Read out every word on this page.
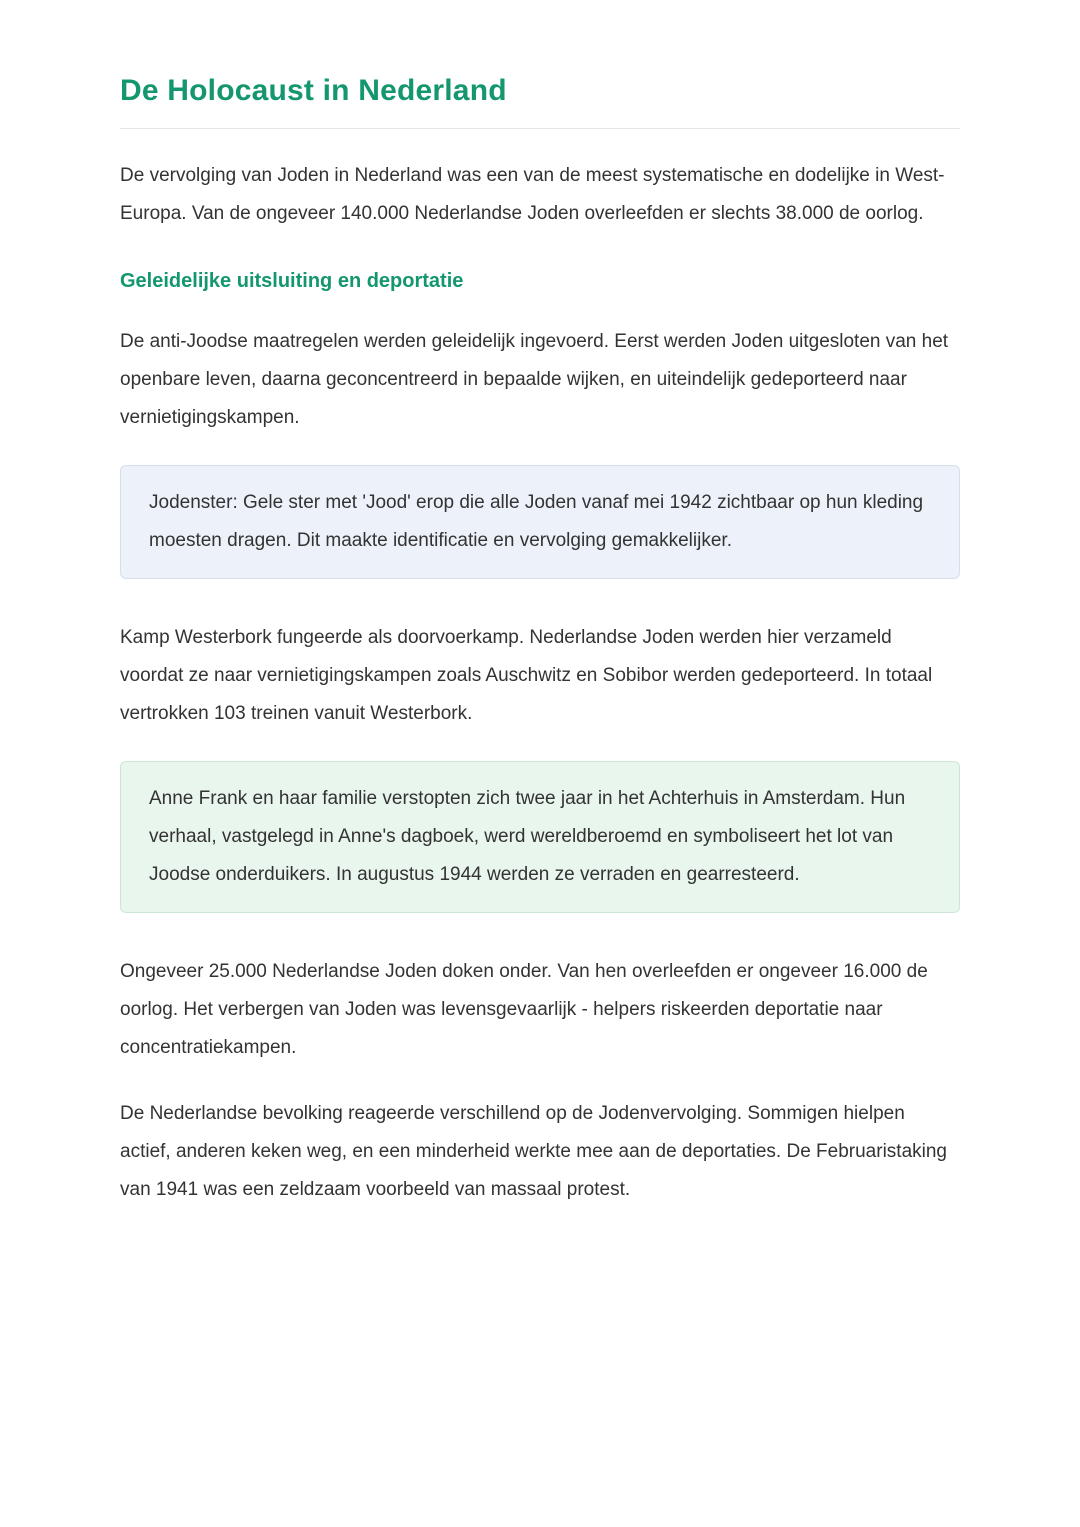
De Holocaust in Nederland

De vervolging van Joden in Nederland was een van de meest systematische en dodelijke in West-Europa. Van de ongeveer 140.000 Nederlandse Joden overleefden er slechts 38.000 de oorlog.

Geleidelijke uitsluiting en deportatie

De anti-Joodse maatregelen werden geleidelijk ingevoerd. Eerst werden Joden uitgesloten van het openbare leven, daarna geconcentreerd in bepaalde wijken, en uiteindelijk gedeporteerd naar vernietigingskampen.

Jodenster: Gele ster met 'Jood' erop die alle Joden vanaf mei 1942 zichtbaar op hun kleding moesten dragen. Dit maakte identificatie en vervolging gemakkelijker.

Kamp Westerbork fungeerde als doorvoerkamp. Nederlandse Joden werden hier verzameld voordat ze naar vernietigingskampen zoals Auschwitz en Sobibor werden gedeporteerd. In totaal vertrokken 103 treinen vanuit Westerbork.

Anne Frank en haar familie verstopten zich twee jaar in het Achterhuis in Amsterdam. Hun verhaal, vastgelegd in Anne's dagboek, werd wereldberoemd en symboliseert het lot van Joodse onderduikers. In augustus 1944 werden ze verraden en gearresteerd.

Ongeveer 25.000 Nederlandse Joden doken onder. Van hen overleefden er ongeveer 16.000 de oorlog. Het verbergen van Joden was levensgevaarlijk - helpers riskeerden deportatie naar concentratiekampen.

De Nederlandse bevolking reageerde verschillend op de Jodenvervolging. Sommigen hielpen actief, anderen keken weg, en een minderheid werkte mee aan de deportaties. De Februaristaking van 1941 was een zeldzaam voorbeeld van massaal protest.
